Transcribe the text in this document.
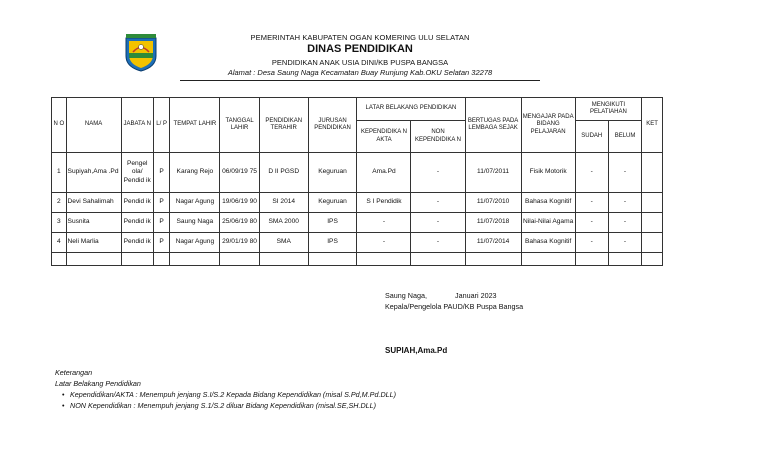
PEMERINTAH KABUPATEN OGAN KOMERING ULU SELATAN
DINAS PENDIDIKAN
PENDIDIKAN ANAK USIA DINI/KB PUSPA BANGSA
Alamat : Desa Saung Naga Kecamatan Buay Runjung Kab.OKU Selatan 32278
N O	NAMA	JABATA N	L/ P	TEMPAT LAHIR	TANGGAL LAHIR	PENDIDIKAN TERAHIR	JURUSAN PENDIDIKAN	LATAR BELAKANG PENDIDIKAN		BERTUGAS PADA LEMBAGA SEJAK	MENGAJAR PADA BIDANG PELAJARAN	MENGIKUTI PELATIAHAN		KET
								KEPENDIDIKA N AKTA	NON KEPENDIDIKA N			SUDAH	BELUM	
1	Supiyah,Ama .Pd	Pengel ola/ Pendid ik	P	Karang Rejo	06/09/19 75	D II PGSD	Keguruan	Ama.Pd	-	11/07/2011	Fisik Motorik	-	-	
2	Devi Sahalimah	Pendid ik	P	Nagar Agung	19/06/19 90	SI 2014	Keguruan	S I Pendidik	-	11/07/2010	Bahasa Kognitif	-	-	
3	Susnita	Pendid ik	P	Saung Naga	25/06/19 80	SMA 2000	IPS	-	-	11/07/2018	Nilai-Nilai Agama	-	-	
4	Neli Marlia	Pendid ik	P	Nagar Agung	29/01/19 80	SMA	IPS	-	-	11/07/2014	Bahasa Kognitif	-	-	

Saung Naga,	Januari 2023
Kepala/Pengelola PAUD/KB Puspa Bangsa
SUPIAH,Ama.Pd
Keterangan
Latar Belakang Pendidikan
• Kependidikan/AKTA : Menempuh jenjang S.I/S.2 Kepada Bidang Kependidikan (misal S.Pd,M.Pd.DLL)
• NON Kependidikan : Menempuh jenjang S.1/S.2 diluar Bidang Kependidikan (misal.SE,SH.DLL)
